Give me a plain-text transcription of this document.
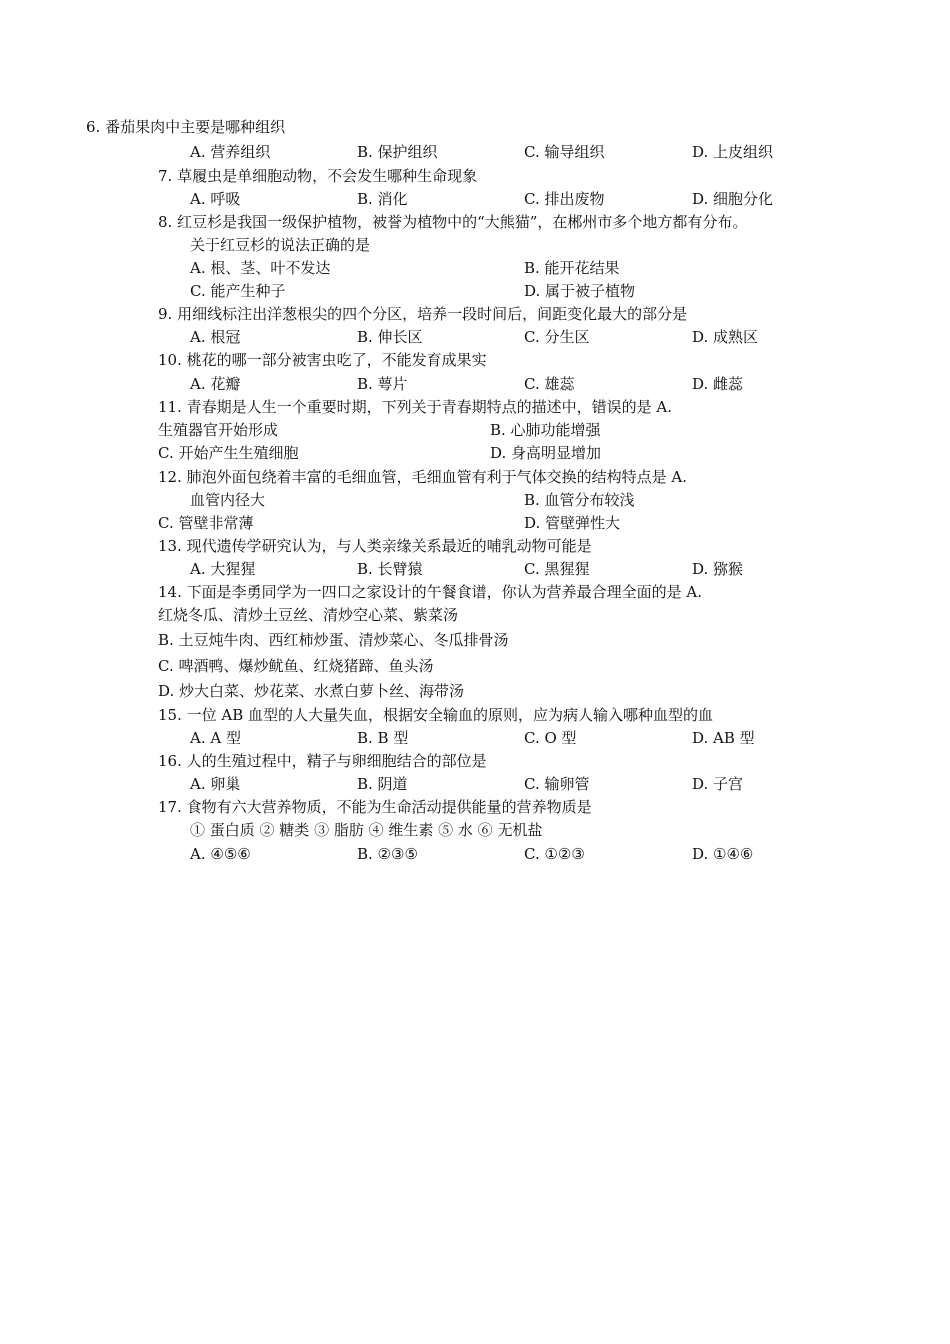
6. 番茄果肉中主要是哪种组织
A. 营养组织	B. 保护组织	C. 输导组织	D. 上皮组织
7. 草履虫是单细胞动物，不会发生哪种生命现象
A. 呼吸	B. 消化	C. 排出废物	D. 细胞分化
8. 红豆杉是我国一级保护植物，被誉为植物中的“大熊猫”，在郴州市多个地方都有分布。
关于红豆杉的说法正确的是
A. 根、茎、叶不发达	B. 能开花结果
C. 能产生种子	D. 属于被子植物
9. 用细线标注出洋葱根尖的四个分区，培养一段时间后，间距变化最大的部分是
A. 根冠	B. 伸长区	C. 分生区	D. 成熟区
10. 桃花的哪一部分被害虫吃了，不能发育成果实
A. 花瓣	B. 萼片	C. 雄蕊	D. 雌蕊
11. 青春期是人生一个重要时期，下列关于青春期特点的描述中，错误的是 A.
生殖器官开始形成	B. 心肺功能增强
C. 开始产生生殖细胞	D. 身高明显增加
12. 肺泡外面包绕着丰富的毛细血管，毛细血管有利于气体交换的结构特点是 A.
血管内径大	B. 血管分布较浅
C. 管壁非常薄	D. 管壁弹性大
13. 现代遗传学研究认为，与人类亲缘关系最近的哺乳动物可能是
A. 大猩猩	B. 长臂猿	C. 黑猩猩	D. 猕猴
14. 下面是李勇同学为一四口之家设计的午餐食谱，你认为营养最合理全面的是 A.
红烧冬瓜、清炒土豆丝、清炒空心菜、紫菜汤
B. 土豆炖牛肉、西红柿炒蛋、清炒菜心、冬瓜排骨汤
C. 啤酒鸭、爆炒鱿鱼、红烧猪蹄、鱼头汤
D. 炒大白菜、炒花菜、水煮白萝卜丝、海带汤
15. 一位 AB 血型的人大量失血，根据安全输血的原则，应为病人输入哪种血型的血
A. A 型	B. B 型	C. O 型	D. AB 型
16. 人的生殖过程中，精子与卵细胞结合的部位是
A. 卵巢	B. 阴道	C. 输卵管	D. 子宫
17. 食物有六大营养物质，不能为生命活动提供能量的营养物质是
① 蛋白质 ② 糖类 ③ 脂肪 ④ 维生素 ⑤ 水 ⑥ 无机盐
A. ④⑤⑥	B. ②③⑤	C. ①②③	D. ①④⑥
